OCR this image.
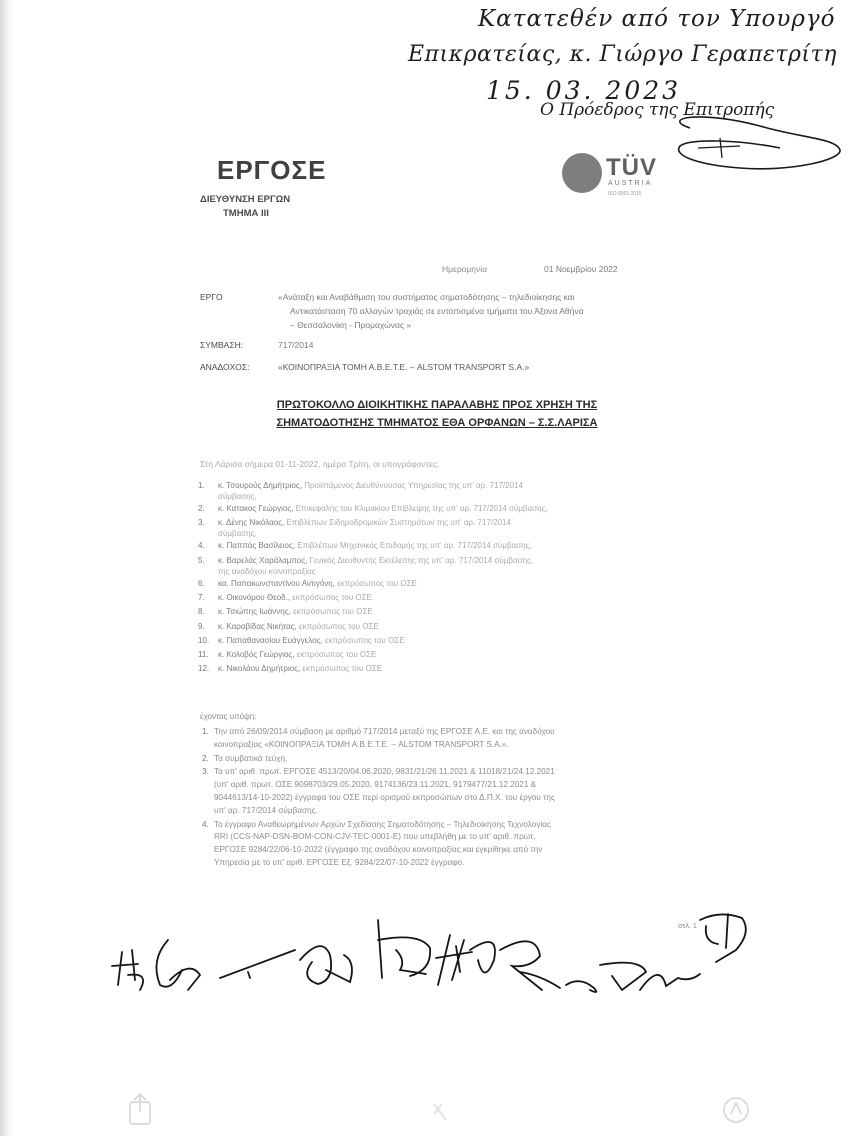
Κατατεθέν από τον Υπουργό
Επικρατείας, κ. Γιώργο Γεραπετρίτη
15. 03. 2023
Ο Πρόεδρος της Επιτροπής
ΕΡΓΟΣΕ
ΔΙΕΥΘΥΝΣΗ ΕΡΓΩΝ
ΤΜΗΜΑ ΙΙΙ
TÜV
AUSTRIA
ISO 9001:2015
Ημερομηνία	01 Νοεμβρίου 2022
ΕΡΓΟ	«Ανάταξη και Αναβάθμιση του συστήματος σηματοδότησης – τηλεδιοίκησης και
Αντικατάσταση 70 αλλαγών τροχιάς σε εντοπισμένα τμήματα του Άξονα Αθήνα
– Θεσσαλονίκη - Προμαχώνας »
ΣΥΜΒΑΣΗ:	717/2014
ΑΝΑΔΟΧΟΣ:	«ΚΟΙΝΟΠΡΑΞΙΑ ΤΟΜΗ Α.Β.Ε.Τ.Ε. – ALSTOM TRANSPORT S.A.»
ΠΡΩΤΟΚΟΛΛΟ ΔΙΟΙΚΗΤΙΚΗΣ ΠΑΡΑΛΑΒΗΣ ΠΡΟΣ ΧΡΗΣΗ ΤΗΣ
ΣΗΜΑΤΟΔΟΤΗΣΗΣ ΤΜΗΜΑΤΟΣ ΕΘΑ ΟΡΦΑΝΩΝ – Σ.Σ.ΛΑΡΙΣΑ
Στη Λάρισα σήμερα 01-11-2022, ημέρα Τρίτη, οι υπογράφοντες:
1. κ. Τσουρούς Δημήτριος, Προϊστάμενος Διευθύνουσας Υπηρεσίας της υπ' αρ. 717/2014
σύμβασης,
2. κ. Κατακος Γεώργιος, Επικεφαλής του Κλιμακίου Επίβλεψης της υπ' αρ. 717/2014 σύμβασης,
3. κ. Δένης Νικόλαος, Επιβλέπων Σιδηροδρομικών Συστημάτων της υπ' αρ. 717/2014
σύμβασης,
4. κ. Παππάς Βασίλειος, Επιβλέπων Μηχανικός Επιδομής της υπ' αρ. 717/2014 σύμβασης,
5. κ. Βαρελάς Χαράλαμπος, Γενικός Διευθυντής Εκτέλεσης της υπ' αρ. 717/2014 σύμβασης,
της αναδόχου κοινοπραξίας
6. κα. Παπακωνσταντίνου Αντιγόνη, εκπρόσωπος του ΟΣΕ
7. κ. Οικονόμου Θεοδ., εκπρόσωπος του ΟΣΕ
8. κ. Τσιώπης Ιωάννης, εκπρόσωπος του ΟΣΕ
9. κ. Καραβίδας Νικήτας, εκπρόσωπος του ΟΣΕ
10. κ. Παπαθανασίου Ευάγγελος, εκπρόσωπος του ΟΣΕ
11. κ. Κολοβός Γεώργιος, εκπρόσωπος του ΟΣΕ
12. κ. Νικολάου Δημήτριος, εκπρόσωπος του ΟΣΕ
έχοντας υπόψη:
1. Την από 26/09/2014 σύμβαση με αριθμό 717/2014 μεταξύ της ΕΡΓΟΣΕ Α.Ε. και της αναδόχου
κοινοπραξίας «ΚΟΙΝΟΠΡΑΞΙΑ ΤΟΜΗ Α.Β.Ε.Τ.Ε. – ALSTOM TRANSPORT S.A.».
2. Τα συμβατικά τεύχη.
3. Τα υπ' αριθ. πρωτ. ΕΡΓΟΣΕ 4513/20/04.06.2020, 9831/21/26.11.2021 & 11018/21/24.12.2021
(υπ' αριθ. πρωτ. ΟΣΕ 9098703/29.05.2020, 9174136/23.11.2021, 9179477/21.12.2021 &
9044613/14-10-2022) έγγραφα του ΟΣΕ περί ορισμού εκπροσώπων στο Δ.Π.Χ. του έργου της
υπ' αρ. 717/2014 σύμβασης.
4. Το έγγραφο Αναθεωρημένων Αρχών Σχεδίασης Σηματοδότησης – Τηλεδιοίκησης Τεχνολογίας
RRI (CCS-NAP-DSN-BOM-CON-CJV-TEC-0001-E) που υπεβλήθη με το υπ' αριθ. πρωτ.
ΕΡΓΟΣΕ 9284/22/06-10-2022 (έγγραφο της αναδόχου κοινοπραξίας και εγκρίθηκε από την
Υπηρεσία με το υπ' αριθ. ΕΡΓΟΣΕ Εξ. 9284/22/07-10-2022 έγγραφο.
σελ. 1
